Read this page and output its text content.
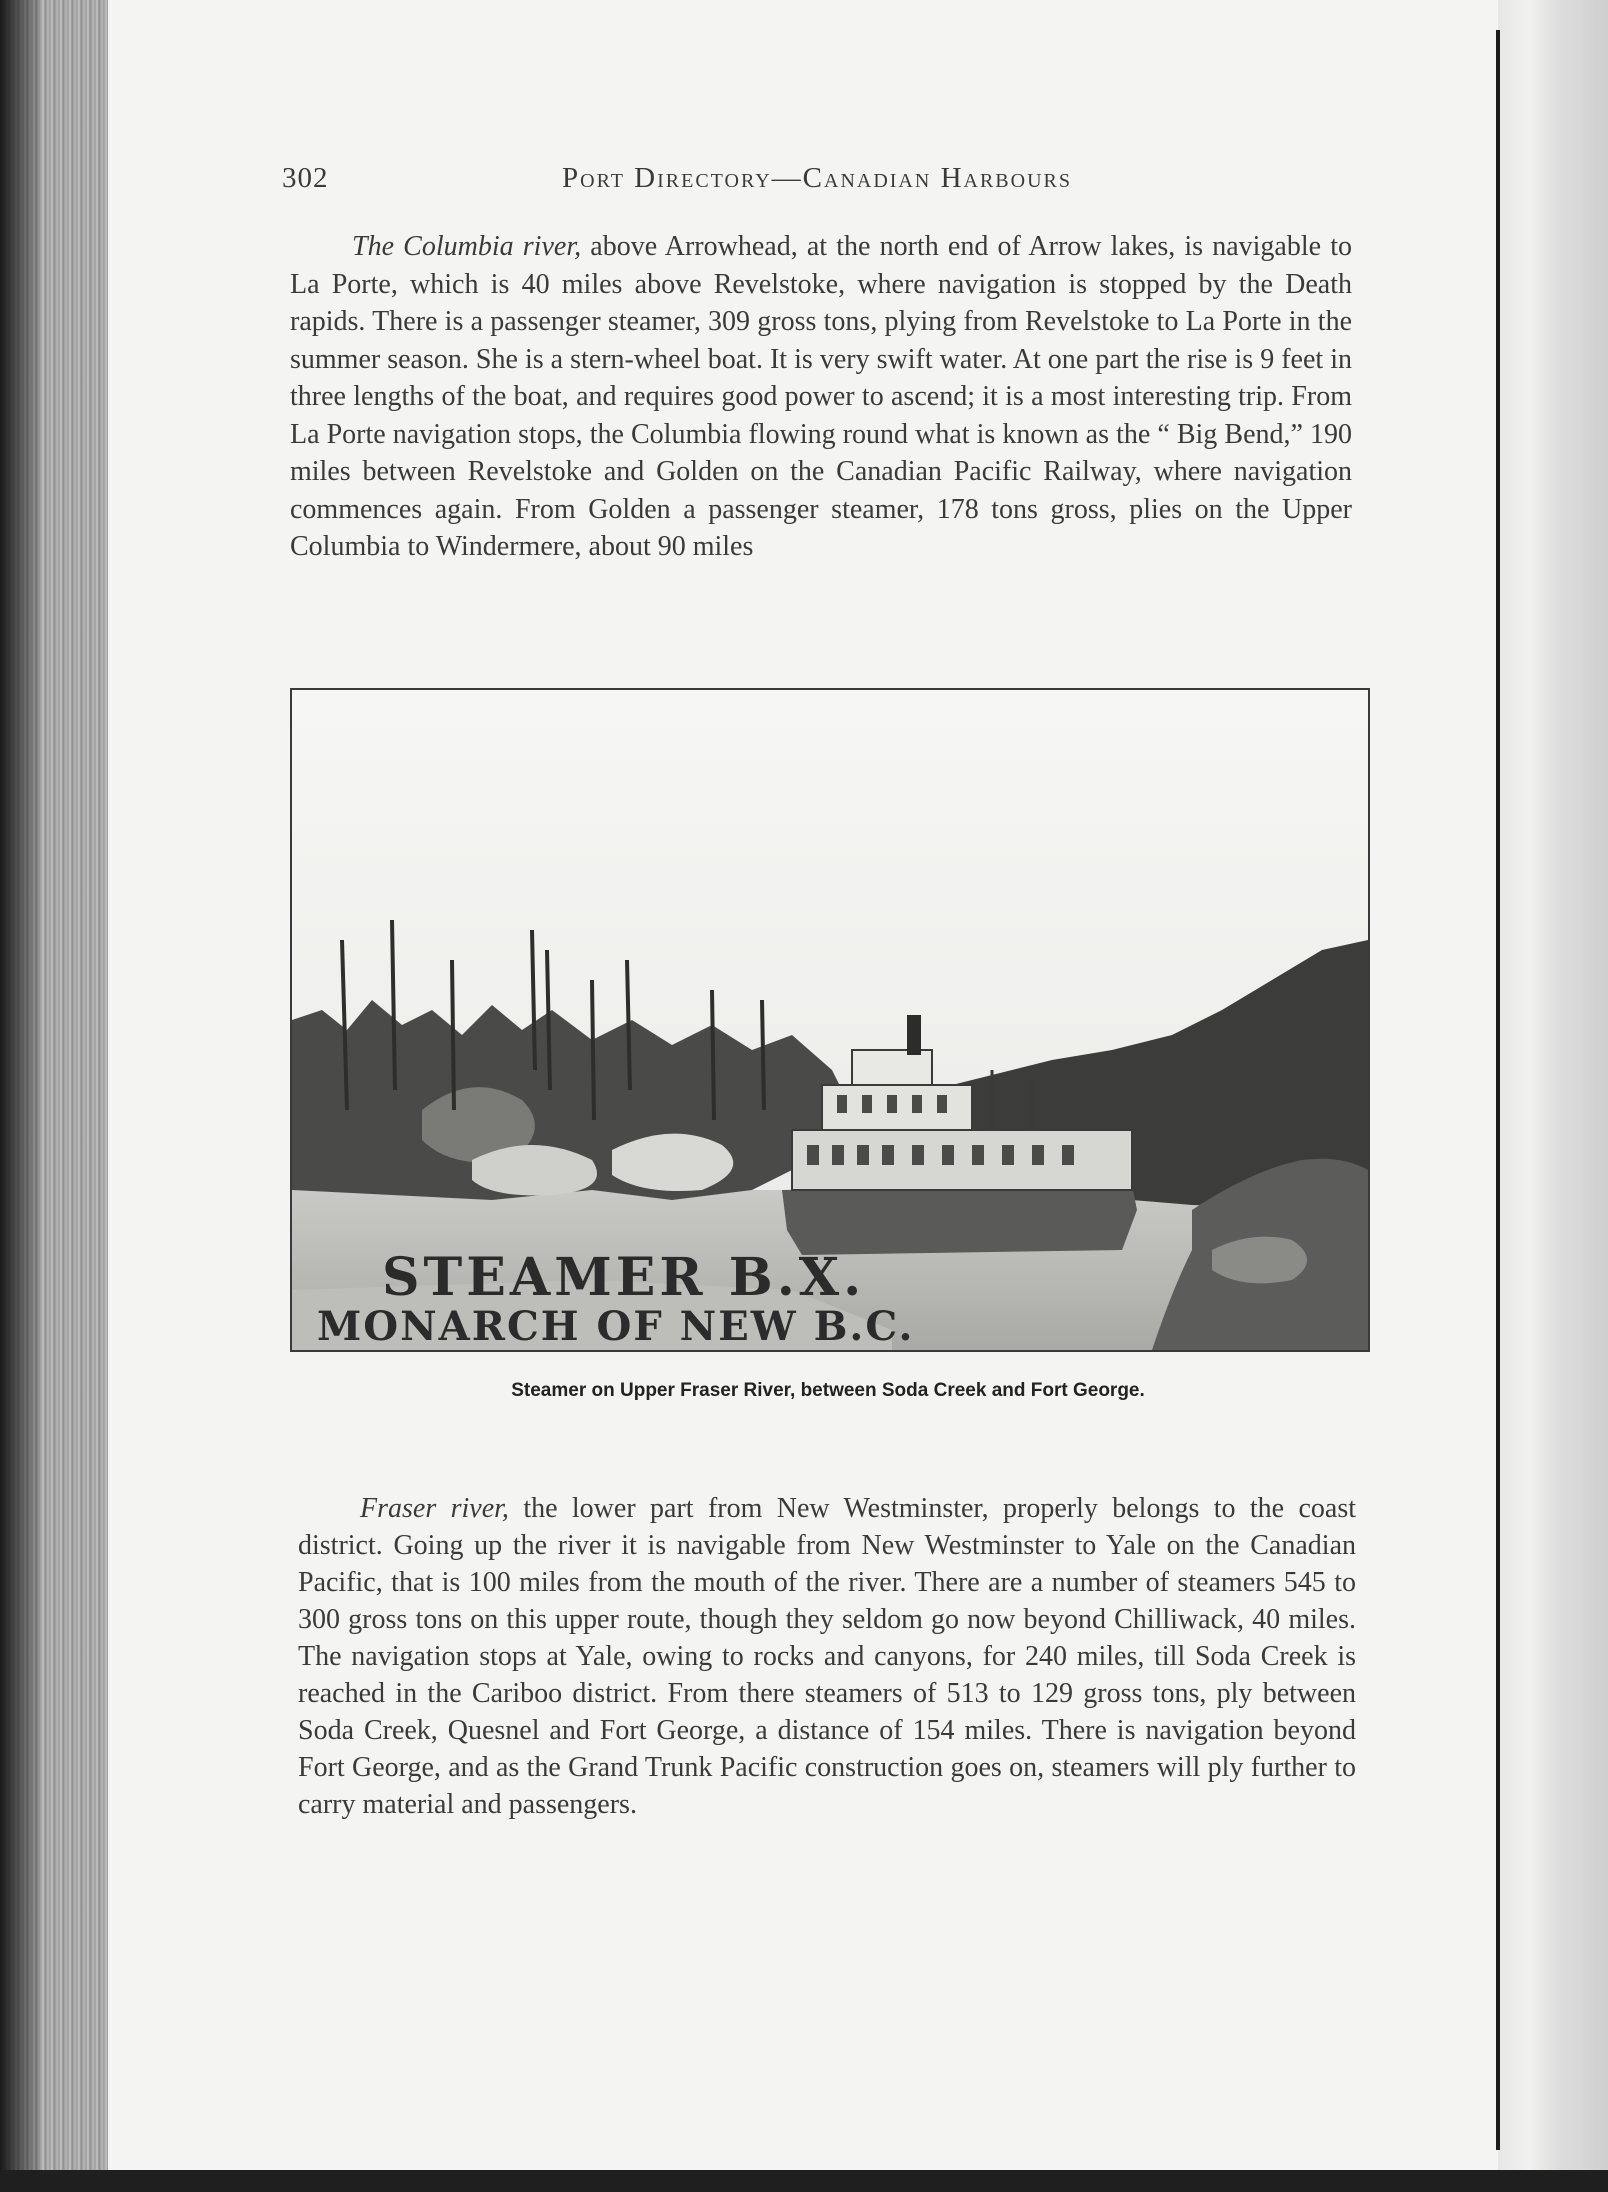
302	Port Directory—Canadian Harbours

The Columbia river, above Arrowhead, at the north end of Arrow lakes, is navigable to La Porte, which is 40 miles above Revelstoke, where navigation is stopped by the Death rapids. There is a passenger steamer, 309 gross tons, plying from Revelstoke to La Porte in the summer season. She is a stern-wheel boat. It is very swift water. At one part the rise is 9 feet in three lengths of the boat, and requires good power to ascend; it is a most interesting trip. From La Porte navigation stops, the Columbia flowing round what is known as the “ Big Bend,” 190 miles between Revelstoke and Golden on the Canadian Pacific Railway, where navigation commences again. From Golden a passenger steamer, 178 tons gross, plies on the Upper Columbia to Windermere, about 90 miles

STEAMER B.X.
MONARCH OF NEW B.C.
Steamer on Upper Fraser River, between Soda Creek and Fort George.

Fraser river, the lower part from New Westminster, properly belongs to the coast district. Going up the river it is navigable from New Westminster to Yale on the Canadian Pacific, that is 100 miles from the mouth of the river. There are a number of steamers 545 to 300 gross tons on this upper route, though they seldom go now beyond Chilliwack, 40 miles. The navigation stops at Yale, owing to rocks and canyons, for 240 miles, till Soda Creek is reached in the Cariboo district. From there steamers of 513 to 129 gross tons, ply between Soda Creek, Quesnel and Fort George, a distance of 154 miles. There is navigation beyond Fort George, and as the Grand Trunk Pacific construction goes on, steamers will ply further to carry material and passengers.
